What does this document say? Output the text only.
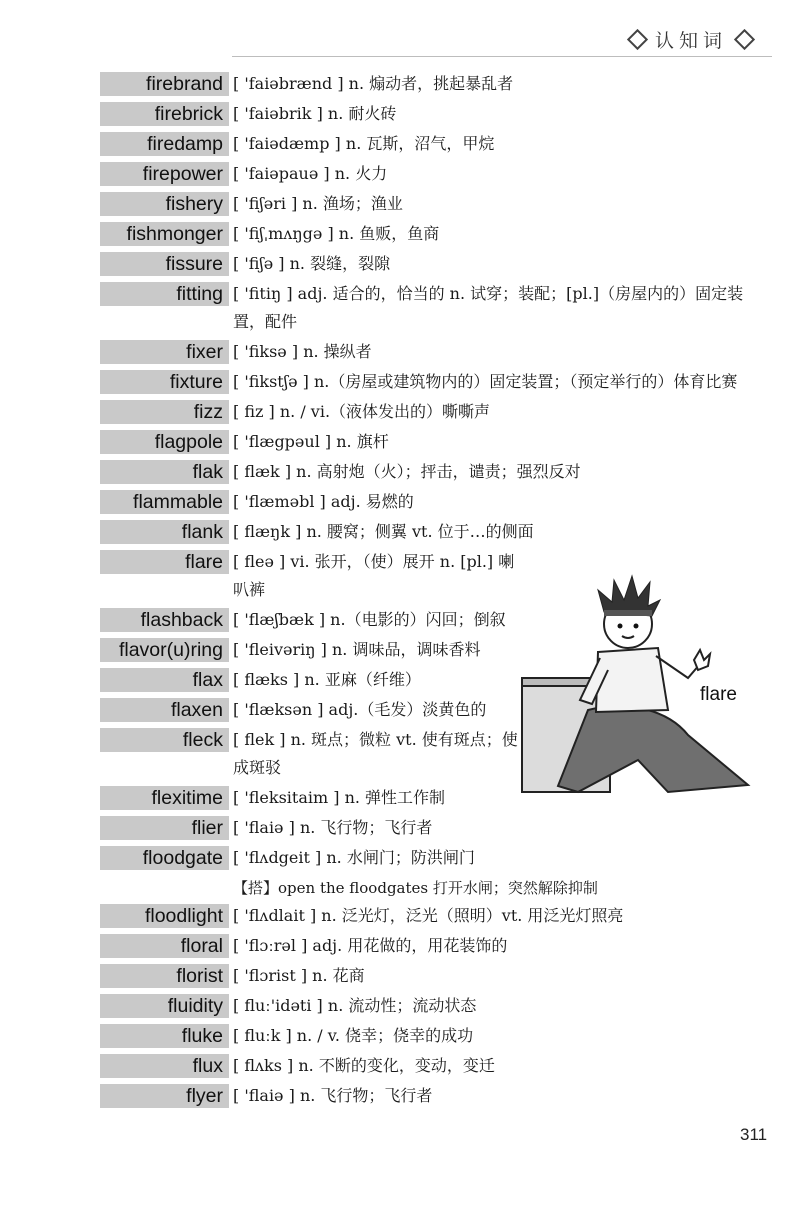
认知词
firebrand [ 'faiəbrænd ] n. 煽动者，挑起暴乱者
firebrick [ 'faiəbrik ] n. 耐火砖
firedamp [ 'faiədæmp ] n. 瓦斯，沼气，甲烷
firepower [ 'faiəpauə ] n. 火力
fishery [ 'fiʃəri ] n. 渔场；渔业
fishmonger [ 'fiʃˌmʌŋgə ] n. 鱼贩，鱼商
fissure [ 'fiʃə ] n. 裂缝，裂隙
fitting [ 'fitiŋ ] adj. 适合的，恰当的 n. 试穿；装配；[pl.]（房屋内的）固定装置，配件
fixer [ 'fiksə ] n. 操纵者
fixture [ 'fikstʃə ] n.（房屋或建筑物内的）固定装置；（预定举行的）体育比赛
fizz [ fiz ] n. / vi.（液体发出的）嘶嘶声
flagpole [ 'flægpəul ] n. 旗杆
flak [ flæk ] n. 高射炮（火）；抨击，谴责；强烈反对
flammable [ 'flæməbl ] adj. 易燃的
flank [ flæŋk ] n. 腰窝；侧翼 vt. 位于…的侧面
flare [ fleə ] vi. 张开，（使）展开 n. [pl.] 喇叭裤
flashback [ 'flæʃbæk ] n.（电影的）闪回；倒叙
flavor(u)ring [ 'fleivəriŋ ] n. 调味品，调味香料
flax [ flæks ] n. 亚麻（纤维）
flaxen [ 'flæksən ] adj.（毛发）淡黄色的
fleck [ flek ] n. 斑点；微粒 vt. 使有斑点；使成斑驳
flexitime [ 'fleksitaim ] n. 弹性工作制
flier [ 'flaiə ] n. 飞行物；飞行者
floodgate [ 'flʌdgeit ] n. 水闸门；防洪闸门
【搭】open the floodgates 打开水闸；突然解除抑制
floodlight [ 'flʌdlait ] n. 泛光灯，泛光（照明）vt. 用泛光灯照亮
floral [ 'flɔːrəl ] adj. 用花做的，用花装饰的
florist [ 'flɔrist ] n. 花商
fluidity [ fluː'idəti ] n. 流动性；流动状态
fluke [ fluːk ] n. / v. 侥幸；侥幸的成功
flux [ flʌks ] n. 不断的变化，变动，变迁
flyer [ 'flaiə ] n. 飞行物；飞行者
flare
311
